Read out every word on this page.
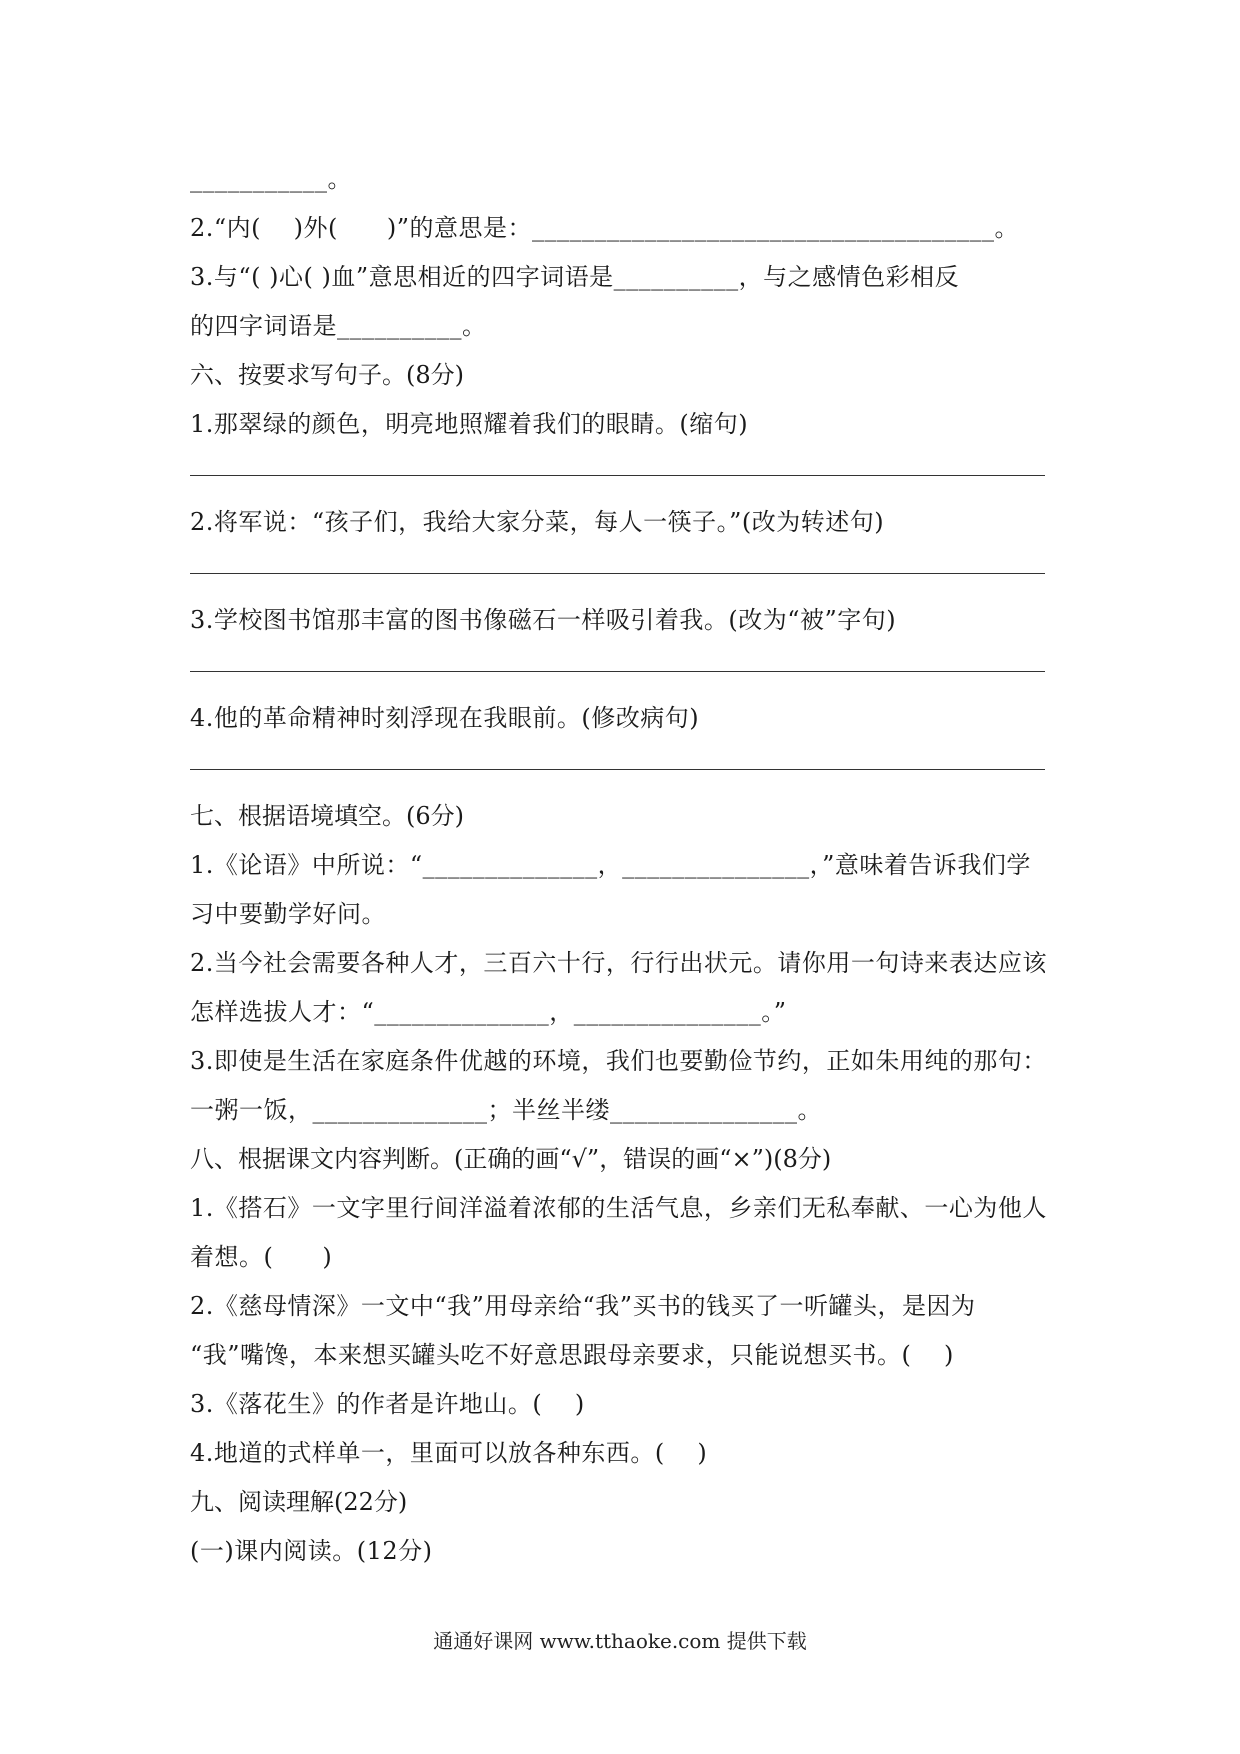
___________。
2.“内(　 )外(　　)”的意思是：_____________________________________。
3.与“( )心( )血”意思相近的四字词语是__________，与之感情色彩相反
的四字词语是__________。
六、按要求写句子。(8分)
1.那翠绿的颜色，明亮地照耀着我们的眼睛。(缩句)
2.将军说：“孩子们，我给大家分菜，每人一筷子。”(改为转述句)
3.学校图书馆那丰富的图书像磁石一样吸引着我。(改为“被”字句)
4.他的革命精神时刻浮现在我眼前。(修改病句)
七、根据语境填空。(6分)
1.《论语》中所说：“______________，_______________，”意味着告诉我们学
习中要勤学好问。
2.当今社会需要各种人才，三百六十行，行行出状元。请你用一句诗来表达应该
怎样选拔人才：“______________，_______________。”
3.即使是生活在家庭条件优越的环境，我们也要勤俭节约，正如朱用纯的那句：
一粥一饭，______________；半丝半缕_______________。
八、根据课文内容判断。(正确的画“√”，错误的画“×”)(8分)
1.《搭石》一文字里行间洋溢着浓郁的生活气息，乡亲们无私奉献、一心为他人
着想。(　　)
2.《慈母情深》一文中“我”用母亲给“我”买书的钱买了一听罐头，是因为
“我”嘴馋，本来想买罐头吃不好意思跟母亲要求，只能说想买书。(　 )
3.《落花生》的作者是许地山。(　 )
4.地道的式样单一，里面可以放各种东西。(　 )
九、阅读理解(22分)
(一)课内阅读。(12分)
通通好课网 www.tthaoke.com 提供下载
